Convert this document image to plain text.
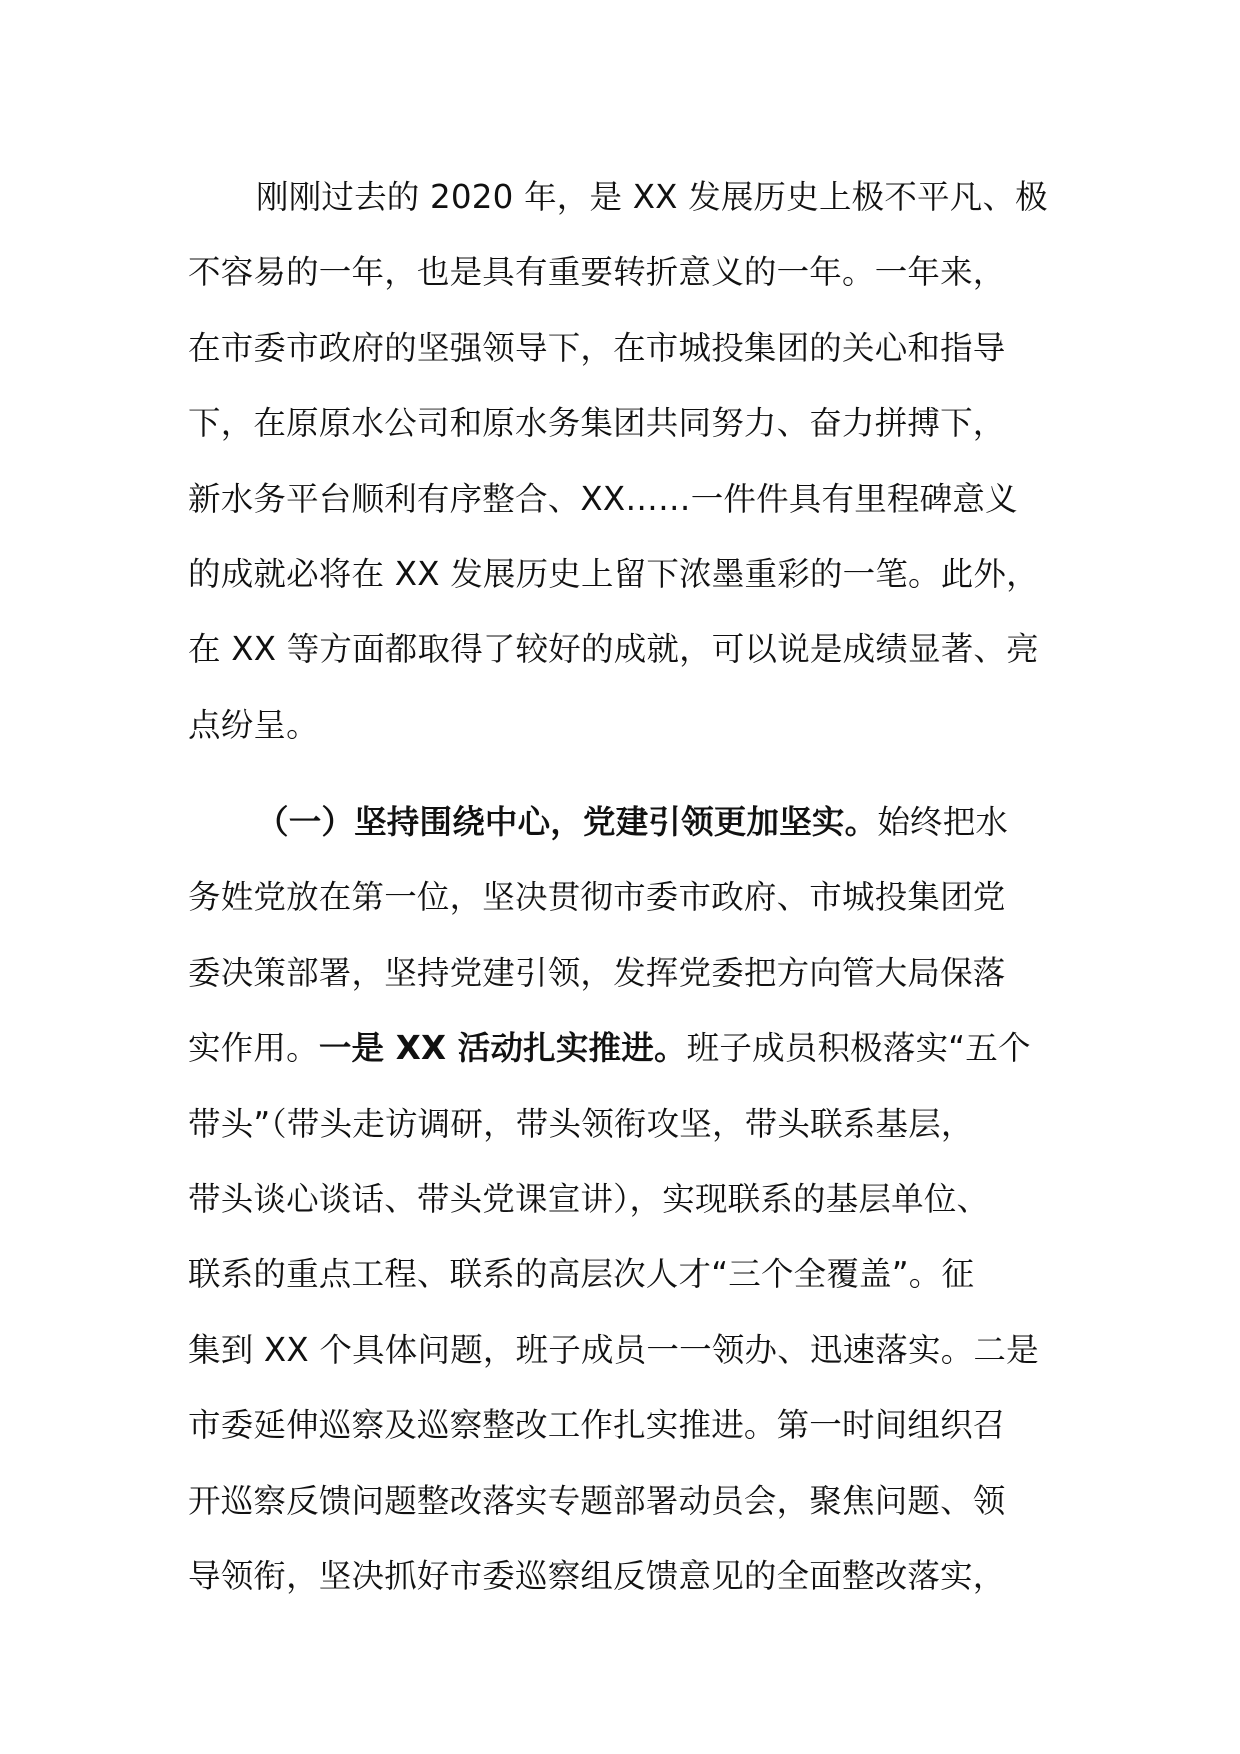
刚刚过去的 2020 年，是 XX 发展历史上极不平凡、极

不容易的一年，也是具有重要转折意义的一年。一年来，

在市委市政府的坚强领导下，在市城投集团的关心和指导

下，在原原水公司和原水务集团共同努力、奋力拼搏下，

新水务平台顺利有序整合、XX……一件件具有里程碑意义

的成就必将在 XX 发展历史上留下浓墨重彩的一笔。此外，

在 XX 等方面都取得了较好的成就，可以说是成绩显著、亮

点纷呈。

（一）坚持围绕中心，党建引领更加坚实。始终把水

务姓党放在第一位，坚决贯彻市委市政府、市城投集团党

委决策部署，坚持党建引领，发挥党委把方向管大局保落

实作用。一是 XX 活动扎实推进。班子成员积极落实“五个

带头”（带头走访调研，带头领衔攻坚，带头联系基层，

带头谈心谈话、带头党课宣讲），实现联系的基层单位、

联系的重点工程、联系的高层次人才“三个全覆盖”。征

集到 XX 个具体问题，班子成员一一领办、迅速落实。二是

市委延伸巡察及巡察整改工作扎实推进。第一时间组织召

开巡察反馈问题整改落实专题部署动员会，聚焦问题、领

导领衔，坚决抓好市委巡察组反馈意见的全面整改落实，
